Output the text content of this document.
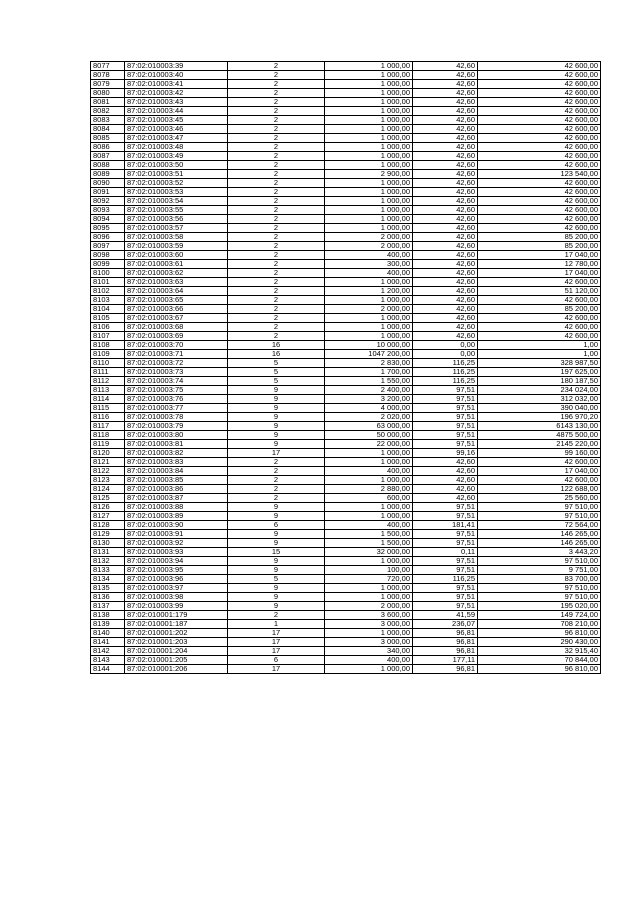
8077	87:02:010003:39	2	1 000,00	42,60	42 600,00
8078	87:02:010003:40	2	1 000,00	42,60	42 600,00
8079	87:02:010003:41	2	1 000,00	42,60	42 600,00
8080	87:02:010003:42	2	1 000,00	42,60	42 600,00
8081	87:02:010003:43	2	1 000,00	42,60	42 600,00
8082	87:02:010003:44	2	1 000,00	42,60	42 600,00
8083	87:02:010003:45	2	1 000,00	42,60	42 600,00
8084	87:02:010003:46	2	1 000,00	42,60	42 600,00
8085	87:02:010003:47	2	1 000,00	42,60	42 600,00
8086	87:02:010003:48	2	1 000,00	42,60	42 600,00
8087	87:02:010003:49	2	1 000,00	42,60	42 600,00
8088	87:02:010003:50	2	1 000,00	42,60	42 600,00
8089	87:02:010003:51	2	2 900,00	42,60	123 540,00
8090	87:02:010003:52	2	1 000,00	42,60	42 600,00
8091	87:02:010003:53	2	1 000,00	42,60	42 600,00
8092	87:02:010003:54	2	1 000,00	42,60	42 600,00
8093	87:02:010003:55	2	1 000,00	42,60	42 600,00
8094	87:02:010003:56	2	1 000,00	42,60	42 600,00
8095	87:02:010003:57	2	1 000,00	42,60	42 600,00
8096	87:02:010003:58	2	2 000,00	42,60	85 200,00
8097	87:02:010003:59	2	2 000,00	42,60	85 200,00
8098	87:02:010003:60	2	400,00	42,60	17 040,00
8099	87:02:010003:61	2	300,00	42,60	12 780,00
8100	87:02:010003:62	2	400,00	42,60	17 040,00
8101	87:02:010003:63	2	1 000,00	42,60	42 600,00
8102	87:02:010003:64	2	1 200,00	42,60	51 120,00
8103	87:02:010003:65	2	1 000,00	42,60	42 600,00
8104	87:02:010003:66	2	2 000,00	42,60	85 200,00
8105	87:02:010003:67	2	1 000,00	42,60	42 600,00
8106	87:02:010003:68	2	1 000,00	42,60	42 600,00
8107	87:02:010003:69	2	1 000,00	42,60	42 600,00
8108	87:02:010003:70	16	10 000,00	0,00	1,00
8109	87:02:010003:71	16	1047 200,00	0,00	1,00
8110	87:02:010003:72	5	2 830,00	116,25	328 987,50
8111	87:02:010003:73	5	1 700,00	116,25	197 625,00
8112	87:02:010003:74	5	1 550,00	116,25	180 187,50
8113	87:02:010003:75	9	2 400,00	97,51	234 024,00
8114	87:02:010003:76	9	3 200,00	97,51	312 032,00
8115	87:02:010003:77	9	4 000,00	97,51	390 040,00
8116	87:02:010003:78	9	2 020,00	97,51	196 970,20
8117	87:02:010003:79	9	63 000,00	97,51	6143 130,00
8118	87:02:010003:80	9	50 000,00	97,51	4875 500,00
8119	87:02:010003:81	9	22 000,00	97,51	2145 220,00
8120	87:02:010003:82	17	1 000,00	99,16	99 160,00
8121	87:02:010003:83	2	1 000,00	42,60	42 600,00
8122	87:02:010003:84	2	400,00	42,60	17 040,00
8123	87:02:010003:85	2	1 000,00	42,60	42 600,00
8124	87:02:010003:86	2	2 880,00	42,60	122 688,00
8125	87:02:010003:87	2	600,00	42,60	25 560,00
8126	87:02:010003:88	9	1 000,00	97,51	97 510,00
8127	87:02:010003:89	9	1 000,00	97,51	97 510,00
8128	87:02:010003:90	6	400,00	181,41	72 564,00
8129	87:02:010003:91	9	1 500,00	97,51	146 265,00
8130	87:02:010003:92	9	1 500,00	97,51	146 265,00
8131	87:02:010003:93	15	32 000,00	0,11	3 443,20
8132	87:02:010003:94	9	1 000,00	97,51	97 510,00
8133	87:02:010003:95	9	100,00	97,51	9 751,00
8134	87:02:010003:96	5	720,00	116,25	83 700,00
8135	87:02:010003:97	9	1 000,00	97,51	97 510,00
8136	87:02:010003:98	9	1 000,00	97,51	97 510,00
8137	87:02:010003:99	9	2 000,00	97,51	195 020,00
8138	87:02:010001:179	2	3 600,00	41,59	149 724,00
8139	87:02:010001:187	1	3 000,00	236,07	708 210,00
8140	87:02:010001:202	17	1 000,00	96,81	96 810,00
8141	87:02:010001:203	17	3 000,00	96,81	290 430,00
8142	87:02:010001:204	17	340,00	96,81	32 915,40
8143	87:02:010001:205	6	400,00	177,11	70 844,00
8144	87:02:010001:206	17	1 000,00	96,81	96 810,00
